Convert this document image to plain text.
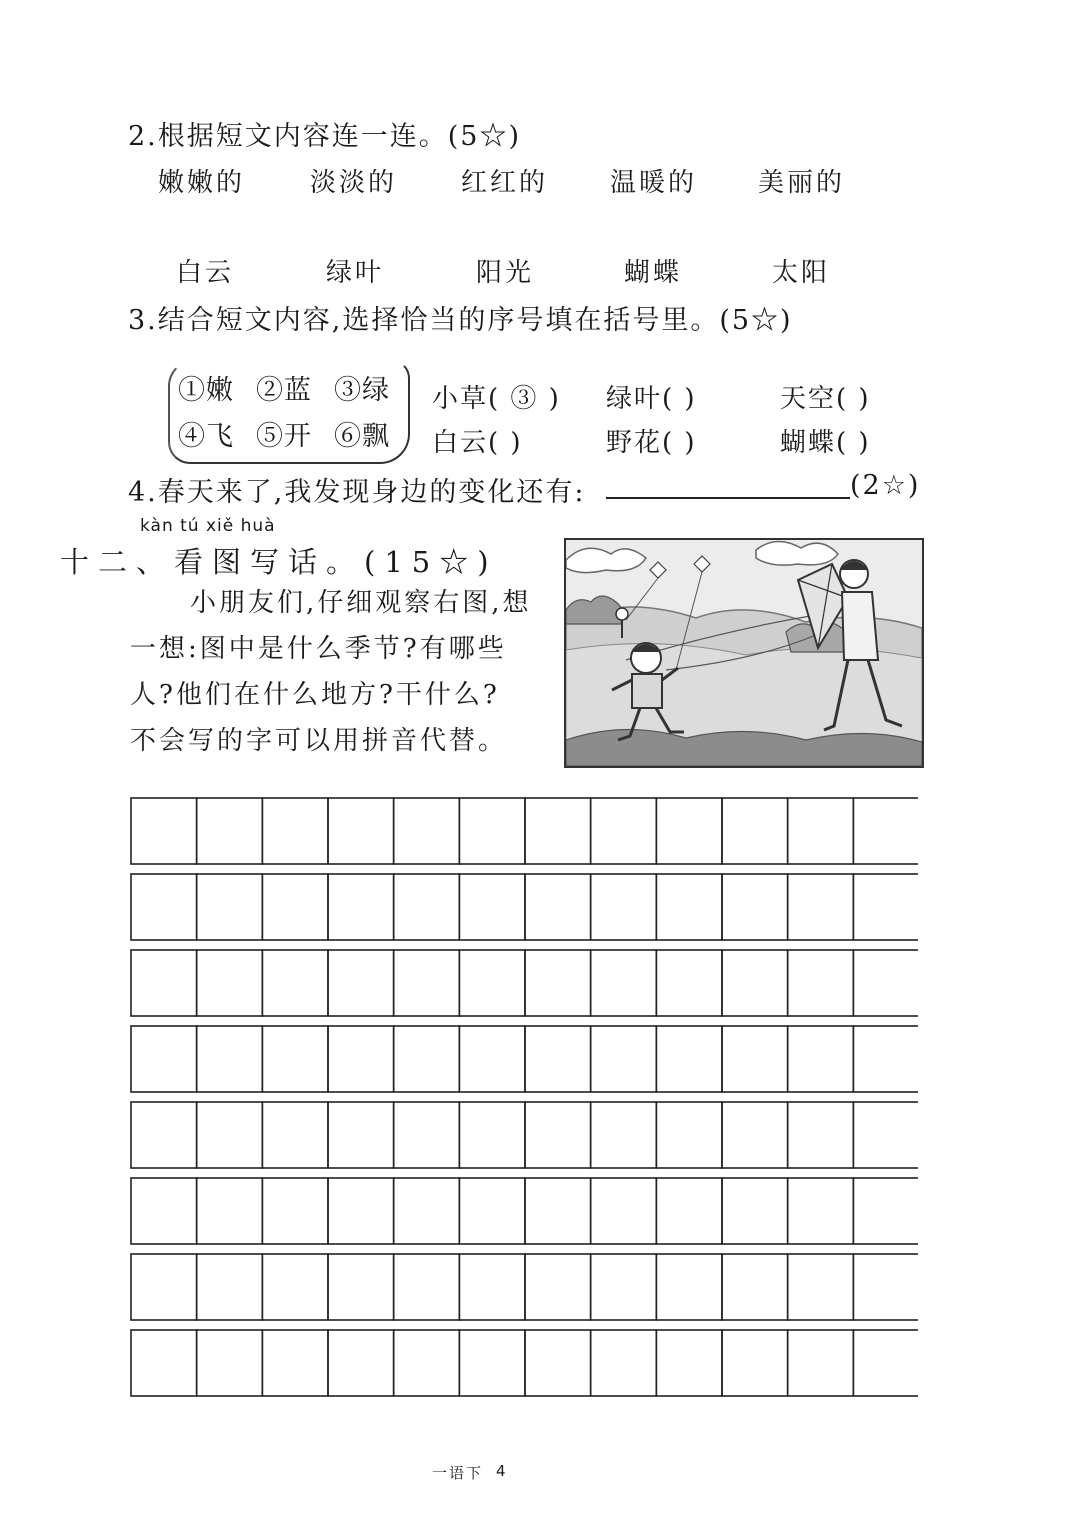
2.根据短文内容连一连。(5☆)
嫩嫩的 淡淡的 红红的 温暖的 美丽的
白云	绿叶	阳光	蝴蝶	太阳
3.结合短文内容,选择恰当的序号填在括号里。(5☆)
①嫩 ②蓝 ③绿
④飞 ⑤开 ⑥飘
小草( ③ ) 绿叶( )	天空( )
白云( )	野花( )	蝴蝶( )
4.春天来了,我发现身边的变化还有:	(2☆)
kàn tú xiě huà
十二、看图写话。(15☆)
小朋友们,仔细观察右图,想
一想:图中是什么季节?有哪些
人?他们在什么地方?干什么?
不会写的字可以用拼音代替。
一语下 4
